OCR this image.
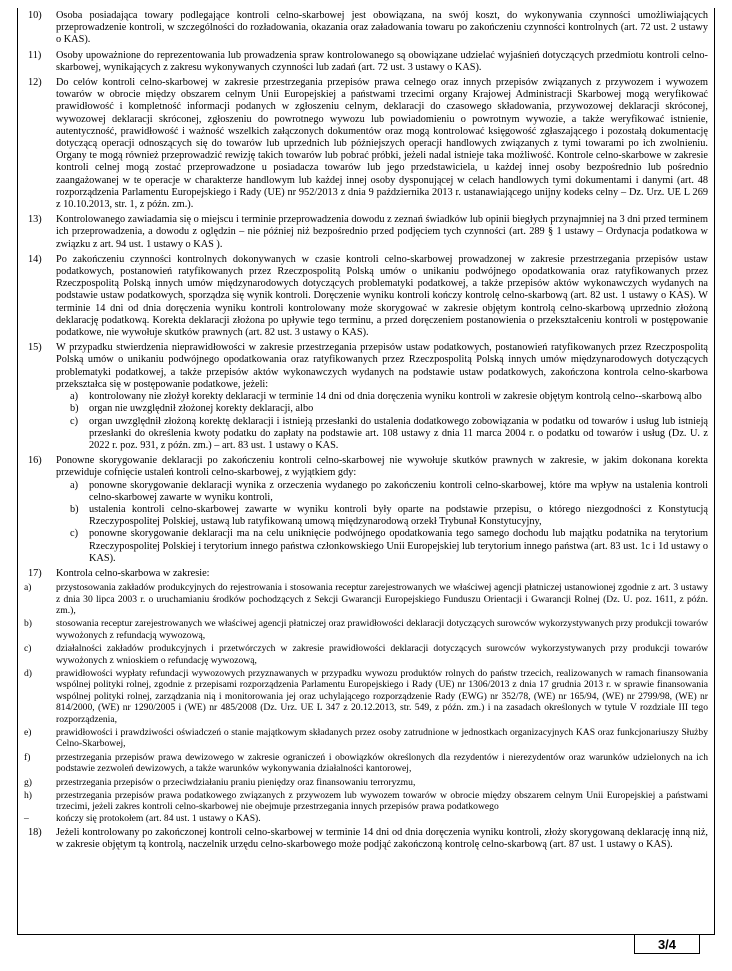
10) Osoba posiadająca towary podlegające kontroli celno-skarbowej jest obowiązana, na swój koszt, do wykonywania czynności umożliwiających przeprowadzenie kontroli, w szczególności do rozładowania, okazania oraz załadowania towaru po zakończeniu czynności kontrolnych (art. 72 ust. 2 ustawy o KAS).
11) Osoby upoważnione do reprezentowania lub prowadzenia spraw kontrolowanego są obowiązane udzielać wyjaśnień dotyczących przedmiotu kontroli celno-skarbowej, wynikających z zakresu wykonywanych czynności lub zadań (art. 72 ust. 3 ustawy o KAS).
12) Do celów kontroli celno-skarbowej w zakresie przestrzegania przepisów prawa celnego oraz innych przepisów związanych z przywozem i wywozem towarów w obrocie między obszarem celnym Unii Europejskiej a państwami trzecimi organy Krajowej Administracji Skarbowej mogą weryfikować prawidłowość i kompletność informacji podanych w zgłoszeniu celnym, deklaracji do czasowego składowania, przywozowej deklaracji skróconej, wywozowej deklaracji skróconej, zgłoszeniu do powrotnego wywozu lub powiadomieniu o powrotnym wywozie, a także weryfikować istnienie, autentyczność, prawidłowość i ważność wszelkich załączonych dokumentów oraz mogą kontrolować księgowość zgłaszającego i pozostałą dokumentację dotyczącą operacji odnoszących się do towarów lub uprzednich lub późniejszych operacji handlowych związanych z tymi towarami po ich zwolnieniu. Organy te mogą również przeprowadzić rewizję takich towarów lub pobrać próbki, jeżeli nadal istnieje taka możliwość. Kontrole celno-skarbowe w zakresie kontroli celnej mogą zostać przeprowadzone u posiadacza towarów lub jego przedstawiciela, u każdej innej osoby bezpośrednio lub pośrednio zaangażowanej w te operacje w charakterze handlowym lub każdej innej osoby dysponującej w celach handlowych tymi dokumentami i danymi (art. 48 rozporządzenia Parlamentu Europejskiego i Rady (UE) nr 952/2013 z dnia 9 października 2013 r. ustanawiającego unijny kodeks celny – Dz. Urz. UE L 269 z 10.10.2013, str. 1, z późn. zm.).
13) Kontrolowanego zawiadamia się o miejscu i terminie przeprowadzenia dowodu z zeznań świadków lub opinii biegłych przynajmniej na 3 dni przed terminem ich przeprowadzenia, a dowodu z oględzin – nie później niż bezpośrednio przed podjęciem tych czynności (art. 289 § 1 ustawy – Ordynacja podatkowa w związku z art. 94 ust. 1 ustawy o KAS ).
14) Po zakończeniu czynności kontrolnych dokonywanych w czasie kontroli celno-skarbowej prowadzonej w zakresie przestrzegania przepisów ustaw podatkowych, postanowień ratyfikowanych przez Rzeczpospolitą Polską umów o unikaniu podwójnego opodatkowania oraz ratyfikowanych przez Rzeczpospolitą Polską innych umów międzynarodowych dotyczących problematyki podatkowej, a także przepisów aktów wykonawczych wydanych na podstawie ustaw podatkowych, sporządza się wynik kontroli. Doręczenie wyniku kontroli kończy kontrolę celno-skarbową (art. 82 ust. 1 ustawy o KAS). W terminie 14 dni od dnia doręczenia wyniku kontroli kontrolowany może skorygować w zakresie objętym kontrolą celno-skarbową uprzednio złożoną deklarację podatkową. Korekta deklaracji złożona po upływie tego terminu, a przed doręczeniem postanowienia o przekształceniu kontroli w postępowanie podatkowe, nie wywołuje skutków prawnych (art. 82 ust. 3 ustawy o KAS).
15) W przypadku stwierdzenia nieprawidłowości w zakresie przestrzegania przepisów ustaw podatkowych, postanowień ratyfikowanych przez Rzeczpospolitą Polską umów o unikaniu podwójnego opodatkowania oraz ratyfikowanych przez Rzeczpospolitą Polską innych umów międzynarodowych dotyczących problematyki podatkowej, a także przepisów aktów wykonawczych wydanych na podstawie ustaw podatkowych, zakończona kontrola celno-skarbowa przekształca się w postępowanie podatkowe, jeżeli:
a) kontrolowany nie złożył korekty deklaracji w terminie 14 dni od dnia doręczenia wyniku kontroli w zakresie objętym kontrolą celno--skarbową albo
b) organ nie uwzględnił złożonej korekty deklaracji, albo
c) organ uwzględnił złożoną korektę deklaracji i istnieją przesłanki do ustalenia dodatkowego zobowiązania w podatku od towarów i usług lub istnieją przesłanki do określenia kwoty podatku do zapłaty na podstawie art. 108 ustawy z dnia 11 marca 2004 r. o podatku od towarów i usług (Dz. U. z 2022 r. poz. 931, z późn. zm.) – art. 83 ust. 1 ustawy o KAS.
16) Ponowne skorygowanie deklaracji po zakończeniu kontroli celno-skarbowej nie wywołuje skutków prawnych w zakresie, w jakim dokonana korekta przewiduje cofnięcie ustaleń kontroli celno-skarbowej, z wyjątkiem gdy:
a) ponowne skorygowanie deklaracji wynika z orzeczenia wydanego po zakończeniu kontroli celno-skarbowej, które ma wpływ na ustalenia kontroli celno-skarbowej zawarte w wyniku kontroli,
b) ustalenia kontroli celno-skarbowej zawarte w wyniku kontroli były oparte na podstawie przepisu, o którego niezgodności z Konstytucją Rzeczypospolitej Polskiej, ustawą lub ratyfikowaną umową międzynarodową orzekł Trybunał Konstytucyjny,
c) ponowne skorygowanie deklaracji ma na celu uniknięcie podwójnego opodatkowania tego samego dochodu lub majątku podatnika na terytorium Rzeczypospolitej Polskiej i terytorium innego państwa członkowskiego Unii Europejskiej lub terytorium innego państwa (art. 83 ust. 1c i 1d ustawy o KAS).
17) Kontrola celno-skarbowa w zakresie:
a)	przystosowania zakładów produkcyjnych do rejestrowania i stosowania receptur zarejestrowanych we właściwej agencji płatniczej ustanowionej zgodnie z art. 3 ustawy z dnia 30 lipca 2003 r. o uruchamianiu środków pochodzących z Sekcji Gwarancji Europejskiego Funduszu Orientacji i Gwarancji Rolnej (Dz. U. poz. 1611, z późn. zm.),
b)	stosowania receptur zarejestrowanych we właściwej agencji płatniczej oraz prawidłowości deklaracji dotyczących surowców wykorzystywanych przy produkcji towarów wywożonych z refundacją wywozową,
c)	działalności zakładów produkcyjnych i przetwórczych w zakresie prawidłowości deklaracji dotyczących surowców wykorzystywanych przy produkcji towarów wywożonych z wnioskiem o refundację wywozową,
d)	prawidłowości wypłaty refundacji wywozowych przyznawanych w przypadku wywozu produktów rolnych do państw trzecich, realizowanych w ramach finansowania wspólnej polityki rolnej, zgodnie z przepisami rozporządzenia Parlamentu Europejskiego i Rady (UE) nr 1306/2013 z dnia 17 grudnia 2013 r. w sprawie finansowania wspólnej polityki rolnej, zarządzania nią i monitorowania jej oraz uchylającego rozporządzenie Rady (EWG) nr 352/78, (WE) nr 165/94, (WE) nr 2799/98, (WE) nr 814/2000, (WE) nr 1290/2005 i (WE) nr 485/2008 (Dz. Urz. UE L 347 z 20.12.2013, str. 549, z późn. zm.) i na zasadach określonych w tytule V rozdziale III tego rozporządzenia,
e)	prawidłowości i prawdziwości oświadczeń o stanie majątkowym składanych przez osoby zatrudnione w jednostkach organizacyjnych KAS oraz funkcjonariuszy Służby Celno-Skarbowej,
f)	przestrzegania przepisów prawa dewizowego w zakresie ograniczeń i obowiązków określonych dla rezydentów i nierezydentów oraz warunków udzielonych na ich podstawie zezwoleń dewizowych, a także warunków wykonywania działalności kantorowej,
g)	przestrzegania przepisów o przeciwdziałaniu praniu pieniędzy oraz finansowaniu terroryzmu,
h)	przestrzegania przepisów prawa podatkowego związanych z przywozem lub wywozem towarów w obrocie między obszarem celnym Unii Europejskiej a państwami trzecimi, jeżeli zakres kontroli celno-skarbowej nie obejmuje przestrzegania innych przepisów prawa podatkowego
–	kończy się protokołem (art. 84 ust. 1 ustawy o KAS).
18) Jeżeli kontrolowany po zakończonej kontroli celno-skarbowej w terminie 14 dni od dnia doręczenia wyniku kontroli, złoży skorygowaną deklarację inną niż, w zakresie objętym tą kontrolą, naczelnik urzędu celno-skarbowego może podjąć zakończoną kontrolę celno-skarbową (art. 87 ust. 1 ustawy o KAS).
3/4
